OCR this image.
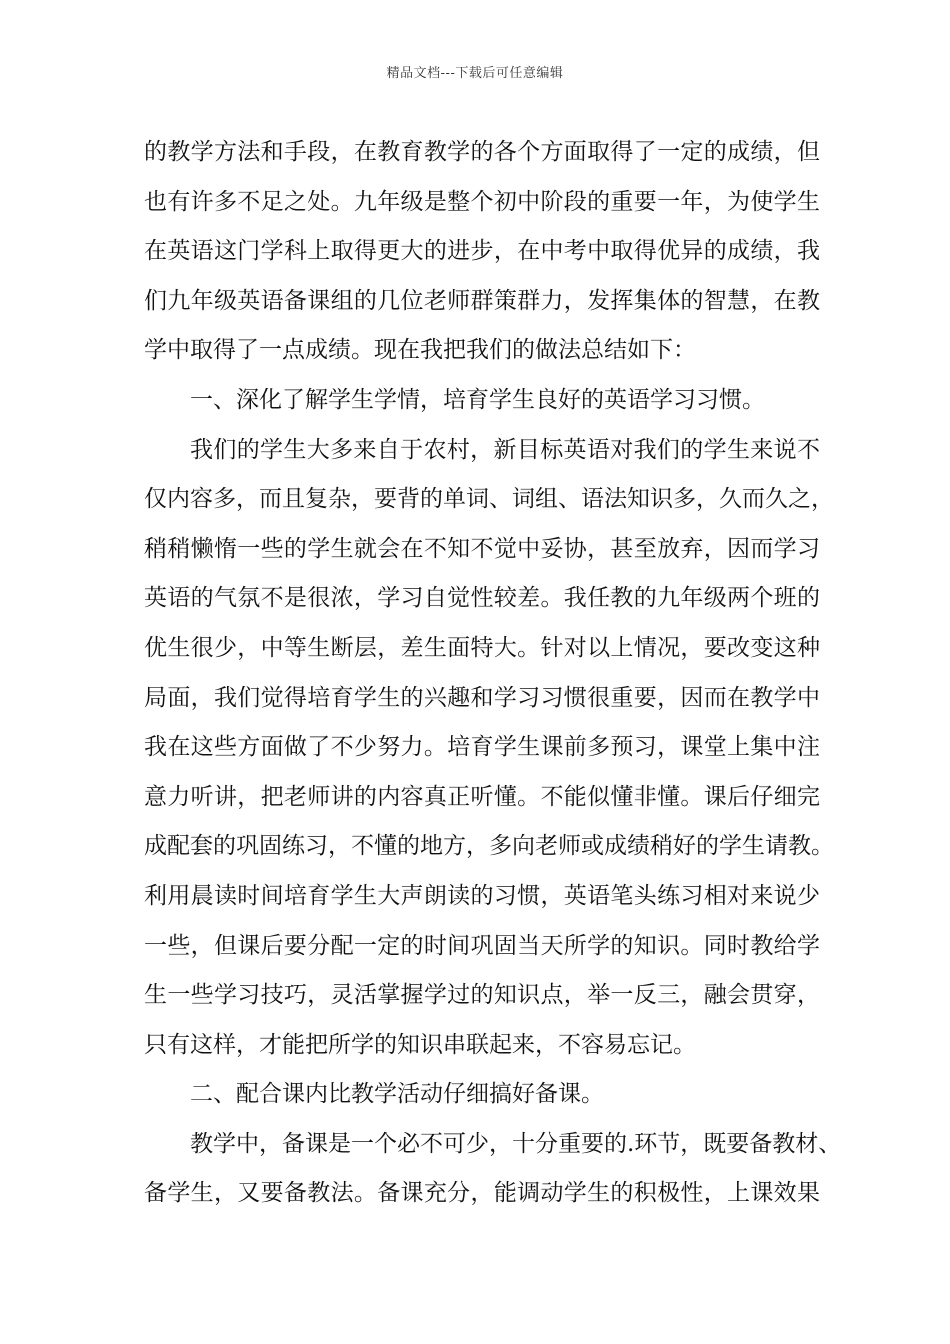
精品文档---下载后可任意编辑
的教学方法和手段，在教育教学的各个方面取得了一定的成绩，但
也有许多不足之处。九年级是整个初中阶段的重要一年，为使学生
在英语这门学科上取得更大的进步，在中考中取得优异的成绩，我
们九年级英语备课组的几位老师群策群力，发挥集体的智慧，在教
学中取得了一点成绩。现在我把我们的做法总结如下：
一、深化了解学生学情，培育学生良好的英语学习习惯。
我们的学生大多来自于农村，新目标英语对我们的学生来说不
仅内容多，而且复杂，要背的单词、词组、语法知识多，久而久之，
稍稍懒惰一些的学生就会在不知不觉中妥协，甚至放弃，因而学习
英语的气氛不是很浓，学习自觉性较差。我任教的九年级两个班的
优生很少，中等生断层，差生面特大。针对以上情况，要改变这种
局面，我们觉得培育学生的兴趣和学习习惯很重要，因而在教学中
我在这些方面做了不少努力。培育学生课前多预习，课堂上集中注
意力听讲，把老师讲的内容真正听懂。不能似懂非懂。课后仔细完
成配套的巩固练习，不懂的地方，多向老师或成绩稍好的学生请教。
利用晨读时间培育学生大声朗读的习惯，英语笔头练习相对来说少
一些，但课后要分配一定的时间巩固当天所学的知识。同时教给学
生一些学习技巧，灵活掌握学过的知识点，举一反三，融会贯穿，
只有这样，才能把所学的知识串联起来，不容易忘记。
二、配合课内比教学活动仔细搞好备课。
教学中，备课是一个必不可少，十分重要的.环节，既要备教材、
备学生，又要备教法。备课充分，能调动学生的积极性，上课效果
